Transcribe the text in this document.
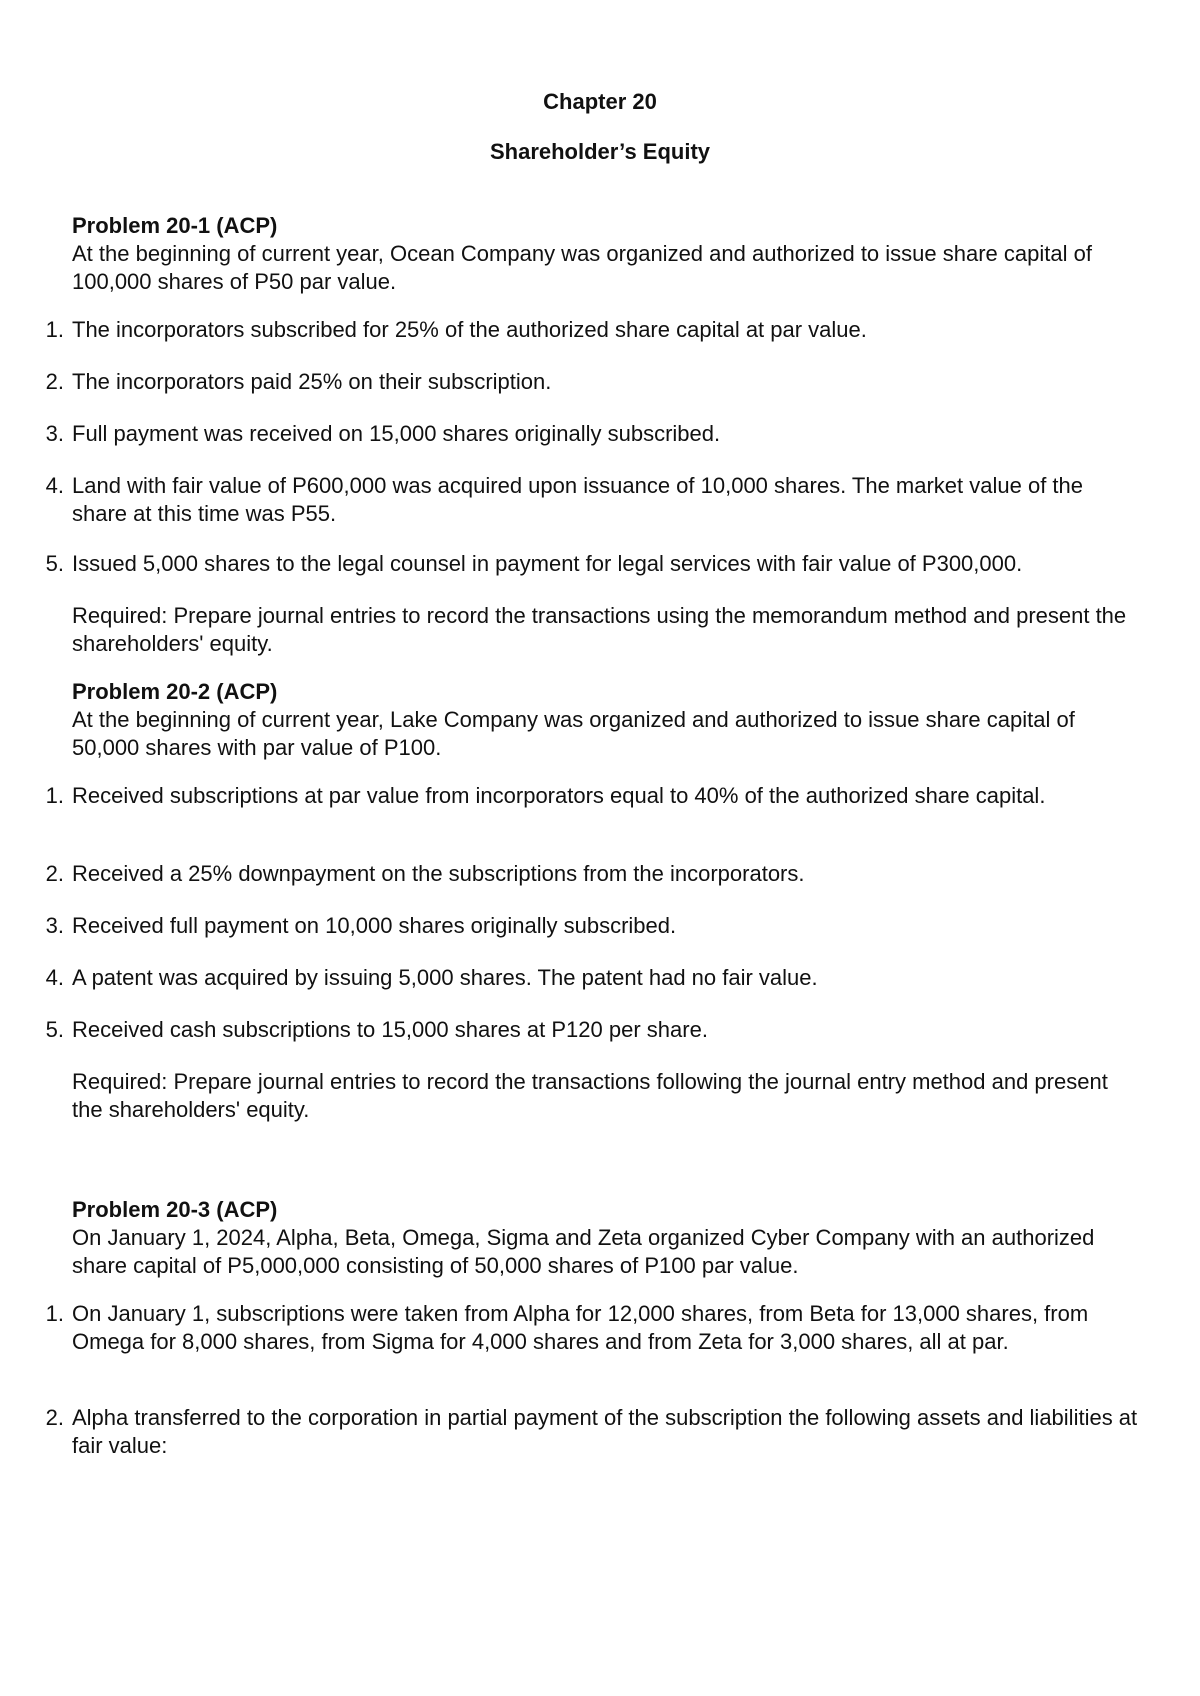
Chapter 20
Shareholder’s Equity
Problem 20-1 (ACP)
At the beginning of current year, Ocean Company was organized and authorized to issue share capital of 100,000 shares of P50 par value.
1. The incorporators subscribed for 25% of the authorized share capital at par value.
2. The incorporators paid 25% on their subscription.
3. Full payment was received on 15,000 shares originally subscribed.
4. Land with fair value of P600,000 was acquired upon issuance of 10,000 shares. The market value of the share at this time was P55.
5. Issued 5,000 shares to the legal counsel in payment for legal services with fair value of P300,000.
Required: Prepare journal entries to record the transactions using the memorandum method and present the shareholders' equity.
Problem 20-2 (ACP)
At the beginning of current year, Lake Company was organized and authorized to issue share capital of 50,000 shares with par value of P100.
1. Received subscriptions at par value from incorporators equal to 40% of the authorized share capital.
2. Received a 25% downpayment on the subscriptions from the incorporators.
3. Received full payment on 10,000 shares originally subscribed.
4. A patent was acquired by issuing 5,000 shares. The patent had no fair value.
5. Received cash subscriptions to 15,000 shares at P120 per share.
Required: Prepare journal entries to record the transactions following the journal entry method and present the shareholders' equity.
Problem 20-3 (ACP)
On January 1, 2024, Alpha, Beta, Omega, Sigma and Zeta organized Cyber Company with an authorized share capital of P5,000,000 consisting of 50,000 shares of P100 par value.
1. On January 1, subscriptions were taken from Alpha for 12,000 shares, from Beta for 13,000 shares, from Omega for 8,000 shares, from Sigma for 4,000 shares and from Zeta for 3,000 shares, all at par.
2. Alpha transferred to the corporation in partial payment of the subscription the following assets and liabilities at fair value:
